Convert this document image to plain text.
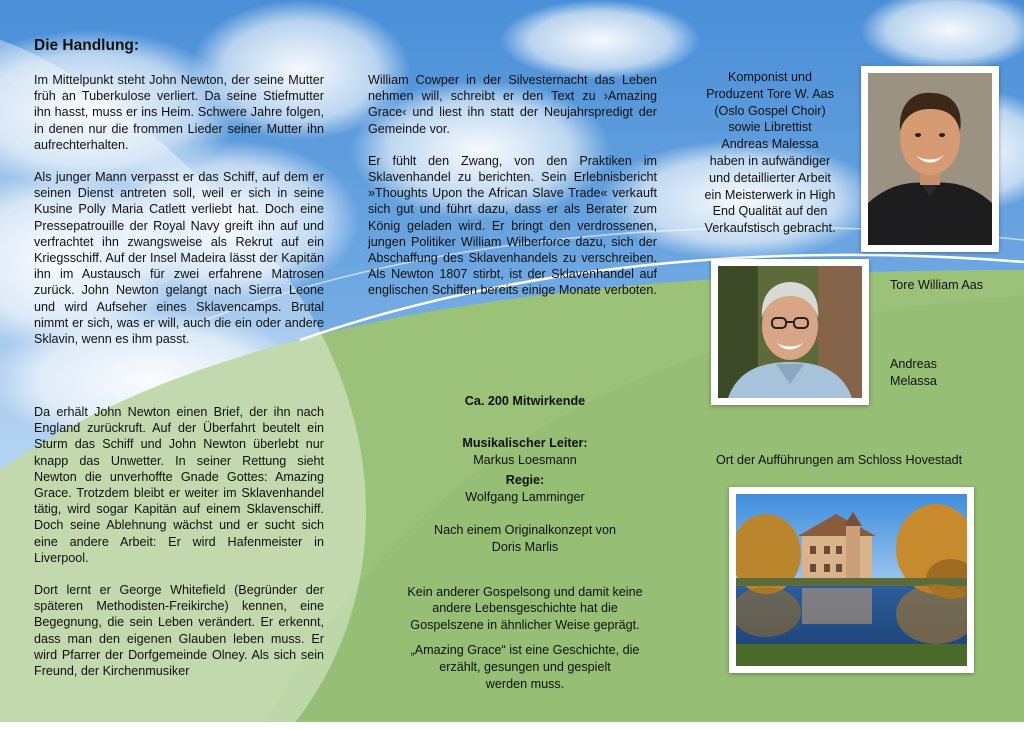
Die Handlung:

Im Mittelpunkt steht John Newton, der seine Mutter früh an Tuberkulose verliert. Da seine Stiefmutter ihn hasst, muss er ins Heim. Schwere Jahre folgen, in denen nur die frommen Lieder seiner Mutter ihn aufrechterhalten.

Als junger Mann verpasst er das Schiff, auf dem er seinen Dienst antreten soll, weil er sich in seine Kusine Polly Maria Catlett verliebt hat. Doch eine Pressepatrouille der Royal Navy greift ihn auf und verfrachtet ihn zwangsweise als Rekrut auf ein Kriegsschiff. Auf der Insel Madeira lässt der Kapitän ihn im Austausch für zwei erfahrene Matrosen zurück. John Newton gelangt nach Sierra Leone und wird Aufseher eines Sklavencamps. Brutal nimmt er sich, was er will, auch die ein oder andere Sklavin, wenn es ihm passt.

Da erhält John Newton einen Brief, der ihn nach England zurückruft. Auf der Überfahrt beutelt ein Sturm das Schiff und John Newton überlebt nur knapp das Unwetter. In seiner Rettung sieht Newton die unverhoffte Gnade Gottes: Amazing Grace. Trotzdem bleibt er weiter im Sklavenhandel tätig, wird sogar Kapitän auf einem Sklavenschiff. Doch seine Ablehnung wächst und er sucht sich eine andere Arbeit: Er wird Hafenmeister in Liverpool.

Dort lernt er George Whitefield (Begründer der späteren Methodisten-Freikirche) kennen, eine Begegnung, die sein Leben verändert. Er erkennt, dass man den eigenen Glauben leben muss. Er wird Pfarrer der Dorfgemeinde Olney. Als sich sein Freund, der Kirchenmusiker

William Cowper in der Silvesternacht das Leben nehmen will, schreibt er den Text zu ›Amazing Grace‹ und liest ihn statt der Neujahrspredigt der Gemeinde vor.

Er fühlt den Zwang, von den Praktiken im Sklavenhandel zu berichten. Sein Erlebnisbericht »Thoughts Upon the African Slave Trade« verkauft sich gut und führt dazu, dass er als Berater zum König geladen wird. Er bringt den verdrossenen, jungen Politiker William Wilberforce dazu, sich der Abschaffung des Sklavenhandels zu verschreiben. Als Newton 1807 stirbt, ist der Sklavenhandel auf englischen Schiffen bereits einige Monate verboten.

Ca. 200 Mitwirkende
Musikalischer Leiter:
Markus Loesmann
Regie:
Wolfgang Lamminger
Nach einem Originalkonzept von
Doris Marlis
Kein anderer Gospelsong und damit keine
andere Lebensgeschichte hat die
Gospelszene in ähnlicher Weise geprägt.
„Amazing Grace“ ist eine Geschichte, die
erzählt, gesungen und gespielt
werden muss.
Komponist und
Produzent Tore W. Aas
(Oslo Gospel Choir)
sowie Librettist
Andreas Malessa
haben in aufwändiger
und detaillierter Arbeit
ein Meisterwerk in High
End Qualität auf den
Verkaufstisch gebracht.
Tore William Aas
Andreas
Melassa
Ort der Aufführungen am Schloss Hovestadt
